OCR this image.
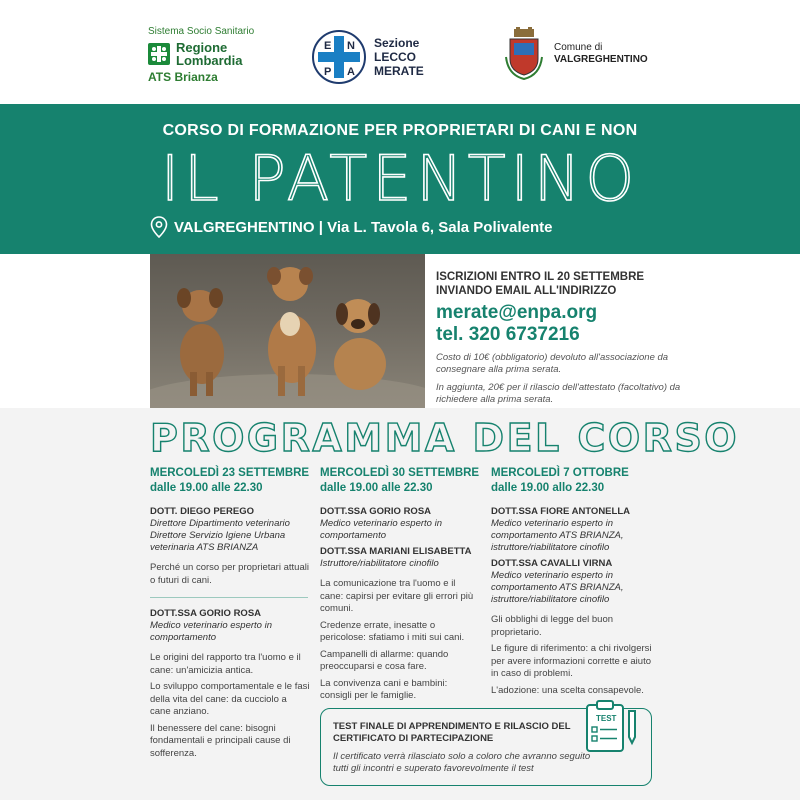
Sistema Socio Sanitario
Regione
Lombardia
ATS Brianza
E N
P A
Sezione
LECCO
MERATE
Comune di
VALGREGHENTINO
CORSO DI FORMAZIONE PER PROPRIETARI DI CANI E NON
IL PATENTINO
VALGREGHENTINO | Via L. Tavola 6, Sala Polivalente
ISCRIZIONI ENTRO IL 20 SETTEMBRE
INVIANDO EMAIL ALL'INDIRIZZO
merate@enpa.org
tel. 320 6737216
Costo di 10€ (obbligatorio) devoluto all'associazione da consegnare alla prima serata.
In aggiunta, 20€ per il rilascio dell'attestato (facoltativo) da richiedere alla prima serata.
PROGRAMMA DEL CORSO
MERCOLEDÌ 23 SETTEMBRE
dalle 19.00 alle 22.30
DOTT. DIEGO PEREGO
Direttore Dipartimento veterinario Direttore Servizio Igiene Urbana veterinaria ATS BRIANZA
Perché un corso per proprietari attuali o futuri di cani.
DOTT.SSA GORIO ROSA
Medico veterinario esperto in comportamento
Le origini del rapporto tra l'uomo e il cane: un'amicizia antica.
Lo sviluppo comportamentale e le fasi della vita del cane: da cucciolo a cane anziano.
Il benessere del cane: bisogni fondamentali e principali cause di sofferenza.
MERCOLEDÌ 30 SETTEMBRE
dalle 19.00 alle 22.30
DOTT.SSA GORIO ROSA
Medico veterinario esperto in comportamento
DOTT.SSA MARIANI ELISABETTA
Istruttore/riabilitatore cinofilo
La comunicazione tra l'uomo e il cane: capirsi per evitare gli errori più comuni.
Credenze errate, inesatte o pericolose: sfatiamo i miti sui cani.
Campanelli di allarme: quando preoccuparsi e cosa fare.
La convivenza cani e bambini: consigli per le famiglie.
MERCOLEDÌ 7 OTTOBRE
dalle 19.00 allo 22.30
DOTT.SSA FIORE ANTONELLA
Medico veterinario esperto in comportamento ATS BRIANZA, istruttore/riabilitatore cinofilo
DOTT.SSA CAVALLI VIRNA
Medico veterinario esperto in comportamento ATS BRIANZA, istruttore/riabilitatore cinofilo
Gli obblighi di legge del buon proprietario.
Le figure di riferimento: a chi rivolgersi per avere informazioni corrette e aiuto in caso di problemi.
L'adozione: una scelta consapevole.
TEST FINALE DI APPRENDIMENTO E RILASCIO DEL CERTIFICATO DI PARTECIPAZIONE
Il certificato verrà rilasciato solo a coloro che avranno seguito tutti gli incontri e superato favorevolmente il test
TEST
